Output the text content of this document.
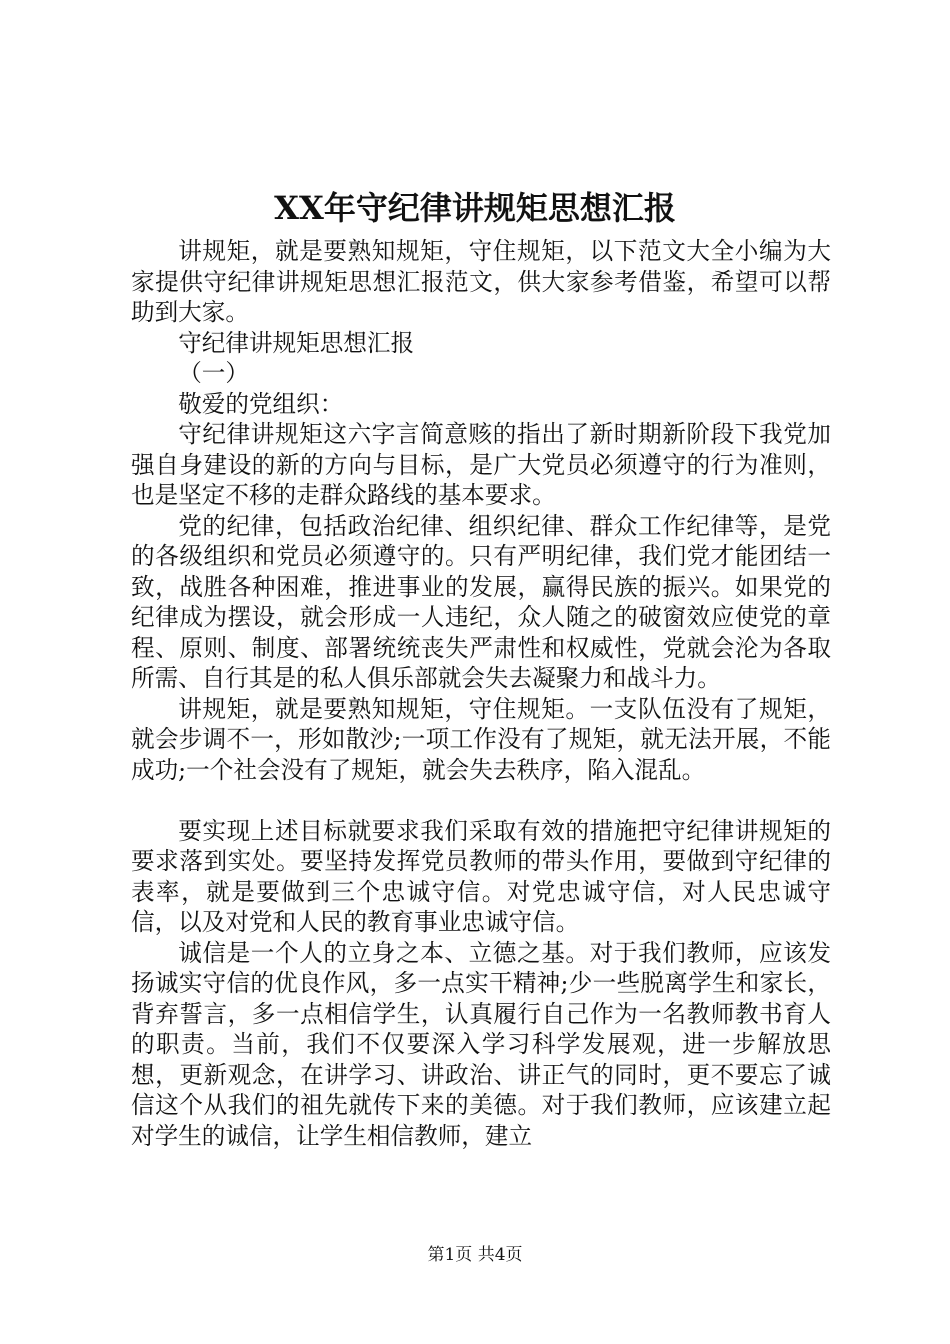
XX年守纪律讲规矩思想汇报

讲规矩，就是要熟知规矩，守住规矩，以下范文大全小编为大家提供守纪律讲规矩思想汇报范文，供大家参考借鉴，希望可以帮助到大家。

守纪律讲规矩思想汇报

（一）

敬爱的党组织：

守纪律讲规矩这六字言简意赅的指出了新时期新阶段下我党加强自身建设的新的方向与目标，是广大党员必须遵守的行为准则，也是坚定不移的走群众路线的基本要求。

党的纪律，包括政治纪律、组织纪律、群众工作纪律等，是党的各级组织和党员必须遵守的。只有严明纪律，我们党才能团结一致，战胜各种困难，推进事业的发展，赢得民族的振兴。如果党的纪律成为摆设，就会形成一人违纪，众人随之的破窗效应使党的章程、原则、制度、部署统统丧失严肃性和权威性，党就会沦为各取所需、自行其是的私人俱乐部就会失去凝聚力和战斗力。

讲规矩，就是要熟知规矩，守住规矩。一支队伍没有了规矩，就会步调不一，形如散沙;一项工作没有了规矩，就无法开展，不能成功;一个社会没有了规矩，就会失去秩序，陷入混乱。

要实现上述目标就要求我们采取有效的措施把守纪律讲规矩的要求落到实处。要坚持发挥党员教师的带头作用，要做到守纪律的表率，就是要做到三个忠诚守信。对党忠诚守信，对人民忠诚守信，以及对党和人民的教育事业忠诚守信。

诚信是一个人的立身之本、立德之基。对于我们教师，应该发扬诚实守信的优良作风，多一点实干精神;少一些脱离学生和家长，背弃誓言，多一点相信学生，认真履行自己作为一名教师教书育人的职责。当前，我们不仅要深入学习科学发展观，进一步解放思想，更新观念，在讲学习、讲政治、讲正气的同时，更不要忘了诚信这个从我们的祖先就传下来的美德。对于我们教师，应该建立起对学生的诚信，让学生相信教师，建立

第1页 共4页
